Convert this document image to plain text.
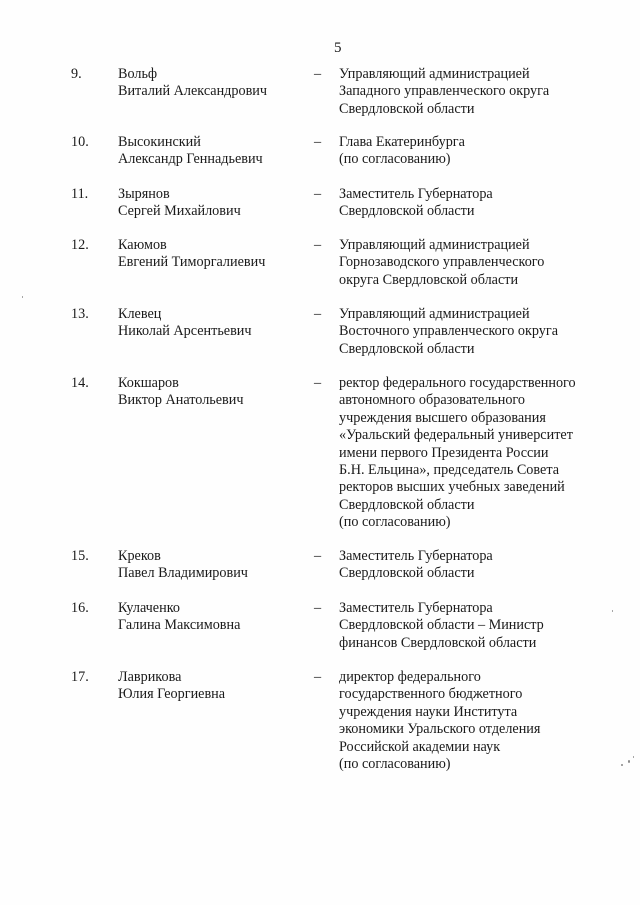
5
9.	Вольф
Виталий Александрович
– Управляющий администрацией
Западного управленческого округа
Свердловской области
10. Высокинский
Александр Геннадьевич
– Глава Екатеринбурга
(по согласованию)
11. Зырянов
Сергей Михайлович
– Заместитель Губернатора
Свердловской области
12. Каюмов
Евгений Тиморгалиевич
– Управляющий администрацией
Горнозаводского управленческого
округа Свердловской области
13. Клевец
Николай Арсентьевич
– Управляющий администрацией
Восточного управленческого округа
Свердловской области
14. Кокшаров
Виктор Анатольевич
– ректор федерального государственного
автономного образовательного
учреждения высшего образования
«Уральский федеральный университет
имени первого Президента России
Б.Н. Ельцина», председатель Совета
ректоров высших учебных заведений
Свердловской области
(по согласованию)
15. Креков
Павел Владимирович
– Заместитель Губернатора
Свердловской области
16. Кулаченко
Галина Максимовна
– Заместитель Губернатора
Свердловской области – Министр
финансов Свердловской области
17. Лаврикова
Юлия Георгиевна
– директор федерального
государственного бюджетного
учреждения науки Института
экономики Уральского отделения
Российской академии наук
(по согласованию)
